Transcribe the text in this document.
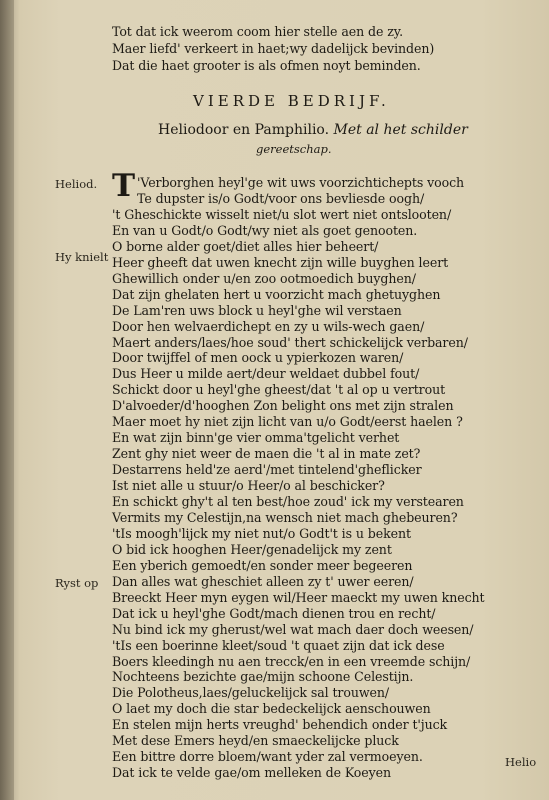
Tot dat ick weerom coom hier stelle aen de zy.
Maer liefd' verkeert in haet;wy dadelijck bevinden)
Dat die haet grooter is als ofmen noyt beminden.
VIERDE BEDRIJF.
Heliodoor en Pamphilio. Met al het schilder
gereetschap.
Heliod.
Hy knielt
Ryst op
Helio
T 'Verborghen heyl'ge wit uws voorzichtichepts vooch
Te dupster is/o Godt/voor ons bevliesde oogh/
't Gheschickte wisselt niet/u slot wert niet ontslooten/
En van u Godt/o Godt/wy niet als goet genooten.
O borne alder goet/diet alles hier beheert/
Heer gheeft dat uwen knecht zijn wille buyghen leert
Ghewillich onder u/en zoo ootmoedich buyghen/
Dat zijn ghelaten hert u voorzicht mach ghetuyghen
De Lam'ren uws block u heyl'ghe wil verstaen
Door hen welvaerdichept en zy u wils-wech gaen/
Maert anders/laes/hoe soud' thert schickelijck verbaren/
Door twijffel of men oock u ypierkozen waren/
Dus Heer u milde aert/deur weldaet dubbel fout/
Schickt door u heyl'ghe gheest/dat 't al op u vertrout
D'alvoeder/d'hooghen Zon belight ons met zijn stralen
Maer moet hy niet zijn licht van u/o Godt/eerst haelen ?
En wat zijn binn'ge vier omma'tgelicht verhet
Zent ghy niet weer de maen die 't al in mate zet?
Destarrens held'ze aerd'/met tintelend'gheflicker
Ist niet alle u stuur/o Heer/o al beschicker?
En schickt ghy't al ten best/hoe zoud' ick my verstearen
Vermits my Celestijn,na wensch niet mach ghebeuren?
'tIs moogh'lijck my niet nut/o Godt't is u bekent
O bid ick hooghen Heer/genadelijck my zent
Een yberich gemoedt/en sonder meer begeeren
Dan alles wat gheschiet alleen zy t' uwer eeren/
Breeckt Heer myn eygen wil/Heer maeckt my uwen knecht
Dat ick u heyl'ghe Godt/mach dienen trou en recht/
Nu bind ick my gherust/wel wat mach daer doch weesen/
'tIs een boerinne kleet/soud 't quaet zijn dat ick dese
Boers kleedingh nu aen trecck/en in een vreemde schijn/
Nochteens bezichte gae/mijn schoone Celestijn.
Die Polotheus,laes/geluckelijck sal trouwen/
O laet my doch die star bedeckelijck aenschouwen
En stelen mijn herts vreughd' behendich onder t'juck
Met dese Emers heyd/en smaeckelijcke pluck
Een bittre dorre bloem/want yder zal vermoeyen.
Dat ick te velde gae/om melleken de Koeyen
